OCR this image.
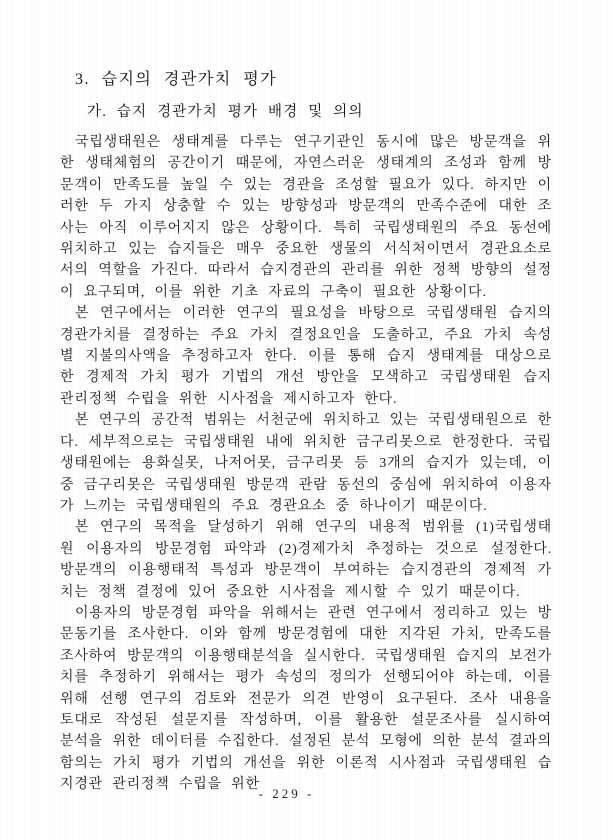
3. 습지의 경관가치 평가
가. 습지 경관가치 평가 배경 및 의의

국립생태원은 생태계를 다루는 연구기관인 동시에 많은 방문객을 위한 생태체험의 공간이기 때문에, 자연스러운 생태계의 조성과 함께 방문객이 만족도를 높일 수 있는 경관을 조성할 필요가 있다. 하지만 이러한 두 가지 상충할 수 있는 방향성과 방문객의 만족수준에 대한 조사는 아직 이루어지지 않은 상황이다. 특히 국립생태원의 주요 동선에 위치하고 있는 습지들은 매우 중요한 생물의 서식처이면서 경관요소로서의 역할을 가진다. 따라서 습지경관의 관리를 위한 정책 방향의 설정이 요구되며, 이를 위한 기초 자료의 구축이 필요한 상황이다.

본 연구에서는 이러한 연구의 필요성을 바탕으로 국립생태원 습지의 경관가치를 결정하는 주요 가치 결정요인을 도출하고, 주요 가치 속성별 지불의사액을 추정하고자 한다. 이를 통해 습지 생태계를 대상으로 한 경제적 가치 평가 기법의 개선 방안을 모색하고 국립생태원 습지 관리정책 수립을 위한 시사점을 제시하고자 한다.

본 연구의 공간적 범위는 서천군에 위치하고 있는 국립생태원으로 한다. 세부적으로는 국립생태원 내에 위치한 금구리못으로 한정한다. 국립생태원에는 용화실못, 나저어못, 금구리못 등 3개의 습지가 있는데, 이 중 금구리못은 국립생태원 방문객 관람 동선의 중심에 위치하여 이용자가 느끼는 국립생태원의 주요 경관요소 중 하나이기 때문이다.

본 연구의 목적을 달성하기 위해 연구의 내용적 범위를 (1)국립생태원 이용자의 방문경험 파악과 (2)경제가치 추정하는 것으로 설정한다. 방문객의 이용행태적 특성과 방문객이 부여하는 습지경관의 경제적 가치는 정책 결정에 있어 중요한 시사점을 제시할 수 있기 때문이다.

이용자의 방문경험 파악을 위해서는 관련 연구에서 정리하고 있는 방문동기를 조사한다. 이와 함께 방문경험에 대한 지각된 가치, 만족도를 조사하여 방문객의 이용행태분석을 실시한다. 국립생태원 습지의 보전가치를 추정하기 위해서는 평가 속성의 정의가 선행되어야 하는데, 이를 위해 선행 연구의 검토와 전문가 의견 반영이 요구된다. 조사 내용을 토대로 작성된 설문지를 작성하며, 이를 활용한 설문조사를 실시하여 분석을 위한 데이터를 수집한다. 설정된 분석 모형에 의한 분석 결과의 함의는 가치 평가 기법의 개선을 위한 이론적 시사점과 국립생태원 습지경관 관리정책 수립을 위한

- 229 -
